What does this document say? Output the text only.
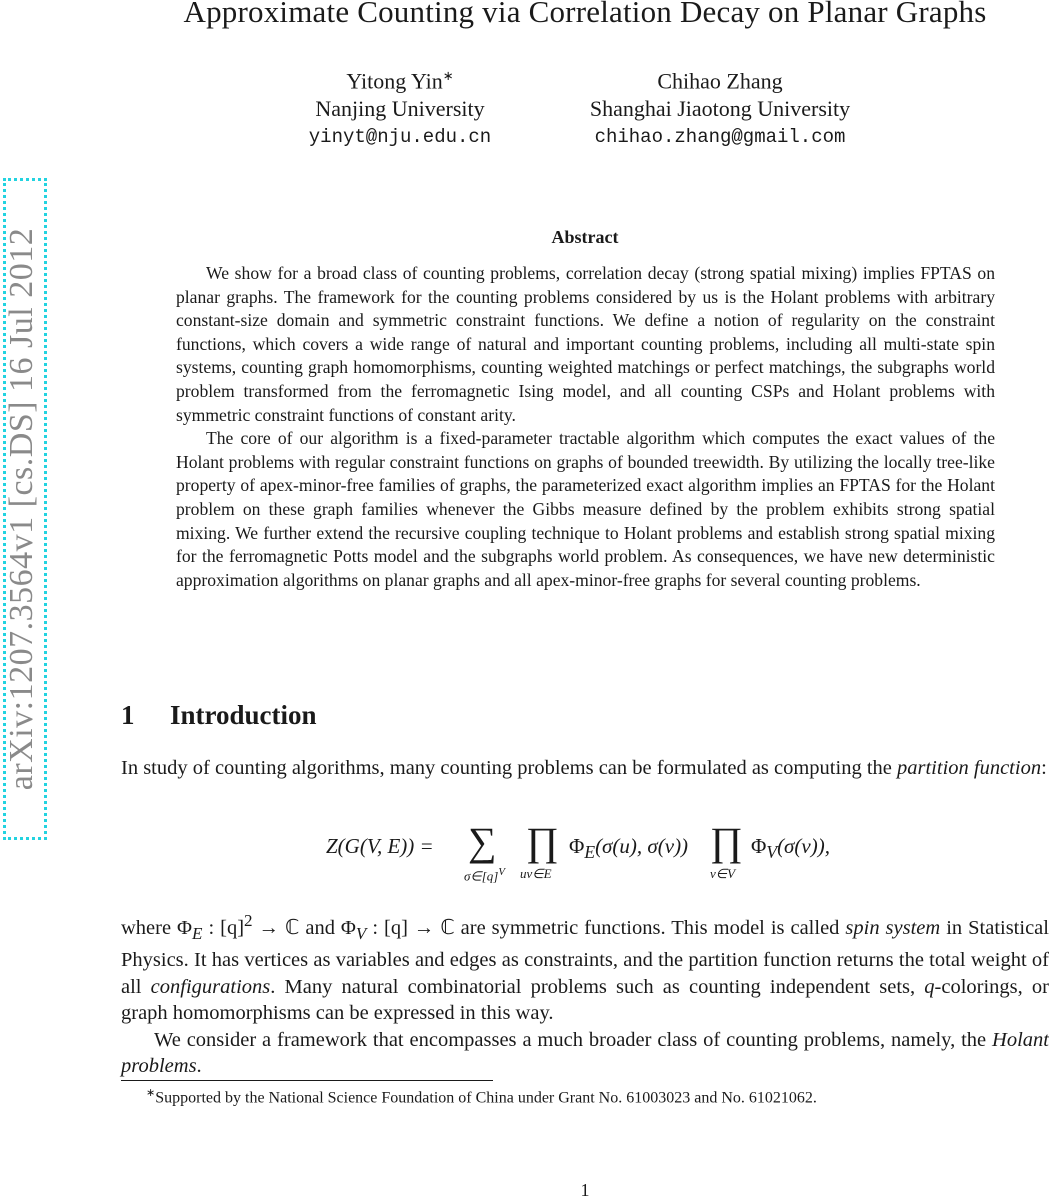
Approximate Counting via Correlation Decay on Planar Graphs
Yitong Yin∗
Nanjing University
yinyt@nju.edu.cn
Chihao Zhang
Shanghai Jiaotong University
chihao.zhang@gmail.com
arXiv:1207.3564v1 [cs.DS] 16 Jul 2012	Abstract

We show for a broad class of counting problems, correlation decay (strong spatial mixing) implies FPTAS on planar graphs. The framework for the counting problems considered by us is the Holant problems with arbitrary constant-size domain and symmetric constraint functions. We define a notion of regularity on the constraint functions, which covers a wide range of natural and important counting problems, including all multi-state spin systems, counting graph homomorphisms, counting weighted matchings or perfect matchings, the subgraphs world problem transformed from the ferromagnetic Ising model, and all counting CSPs and Holant problems with symmetric constraint functions of constant arity.

The core of our algorithm is a fixed-parameter tractable algorithm which computes the exact values of the Holant problems with regular constraint functions on graphs of bounded treewidth. By utilizing the locally tree-like property of apex-minor-free families of graphs, the parameterized exact algorithm implies an FPTAS for the Holant problem on these graph families whenever the Gibbs measure defined by the problem exhibits strong spatial mixing. We further extend the recursive coupling technique to Holant problems and establish strong spatial mixing for the ferromagnetic Potts model and the subgraphs world problem. As consequences, we have new deterministic approximation algorithms on planar graphs and all apex-minor-free graphs for several counting problems.

1 Introduction

In study of counting algorithms, many counting problems can be formulated as computing the partition function:

Z(G(V, E)) = ∑
$\sigma\in[q]^V$
∏
uv∈E
$\Phi_E(\sigma(u)$, σ(v)) ∏
v∈V
$\Phi_V(\sigma(v))$,

where $\Phi_E$ : $[q]^2$ → ℂ and $\Phi_V$ : [q] → ℂ are symmetric functions. This model is called spin system in Statistical Physics. It has vertices as variables and edges as constraints, and the partition function returns the total weight of all configurations. Many natural combinatorial problems such as counting independent sets, q-colorings, or graph homomorphisms can be expressed in this way.

We consider a framework that encompasses a much broader class of counting problems, namely, the Holant problems.

∗Supported by the National Science Foundation of China under Grant No. 61003023 and No. 61021062.
1
